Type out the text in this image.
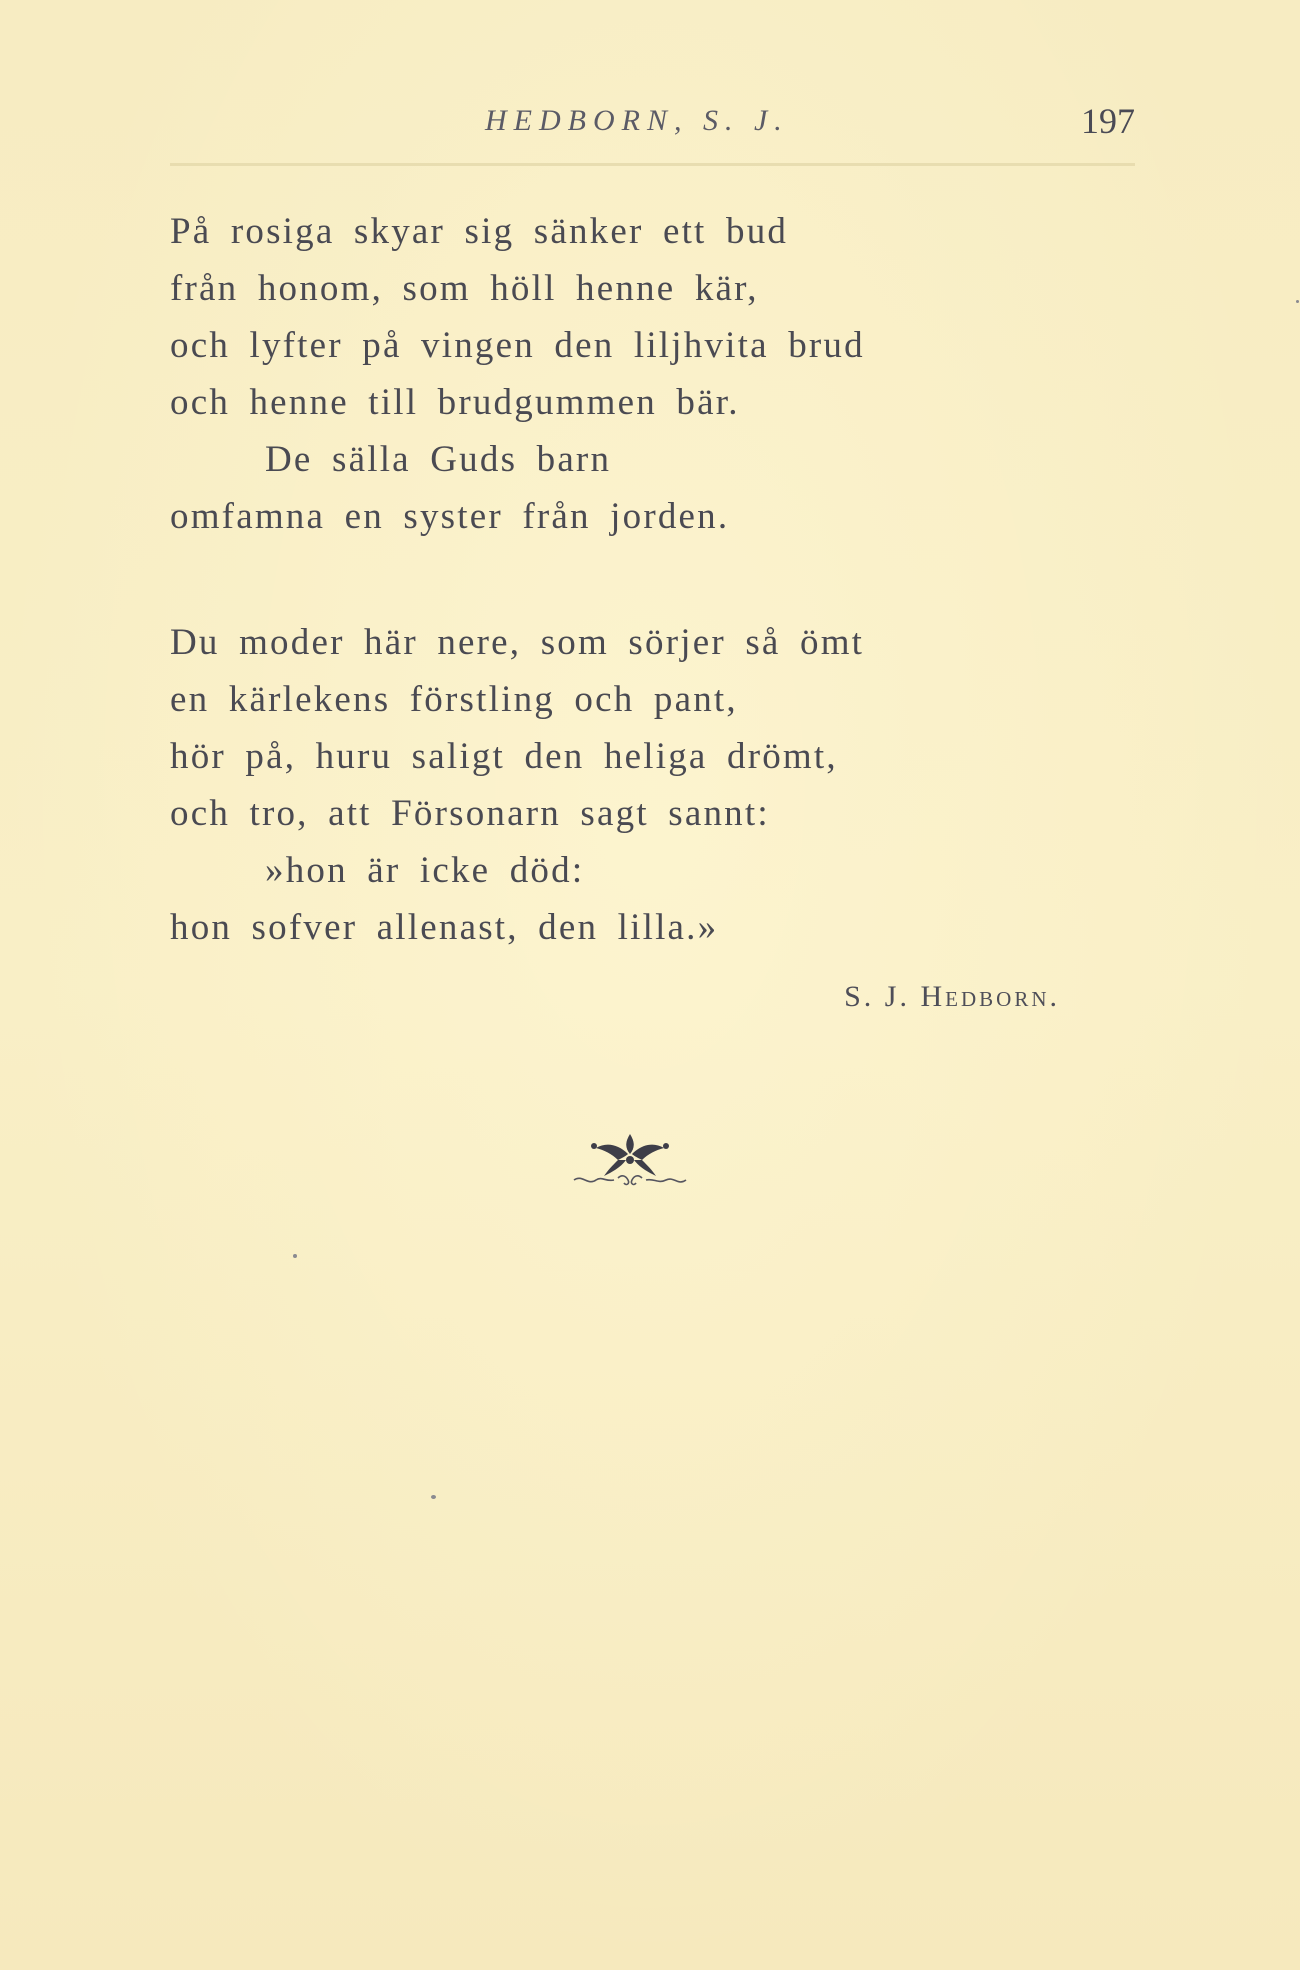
HEDBORN, S. J.	197
På rosiga skyar sig sänker ett bud
från honom, som höll henne kär,
och lyfter på vingen den liljhvita brud
och henne till brudgummen bär.
De sälla Guds barn
omfamna en syster från jorden.
Du moder här nere, som sörjer så ömt
en kärlekens förstling och pant,
hör på, huru saligt den heliga drömt,
och tro, att Försonarn sagt sannt:
»hon är icke död:
hon sofver allenast, den lilla.»
S. J. Hedborn.
